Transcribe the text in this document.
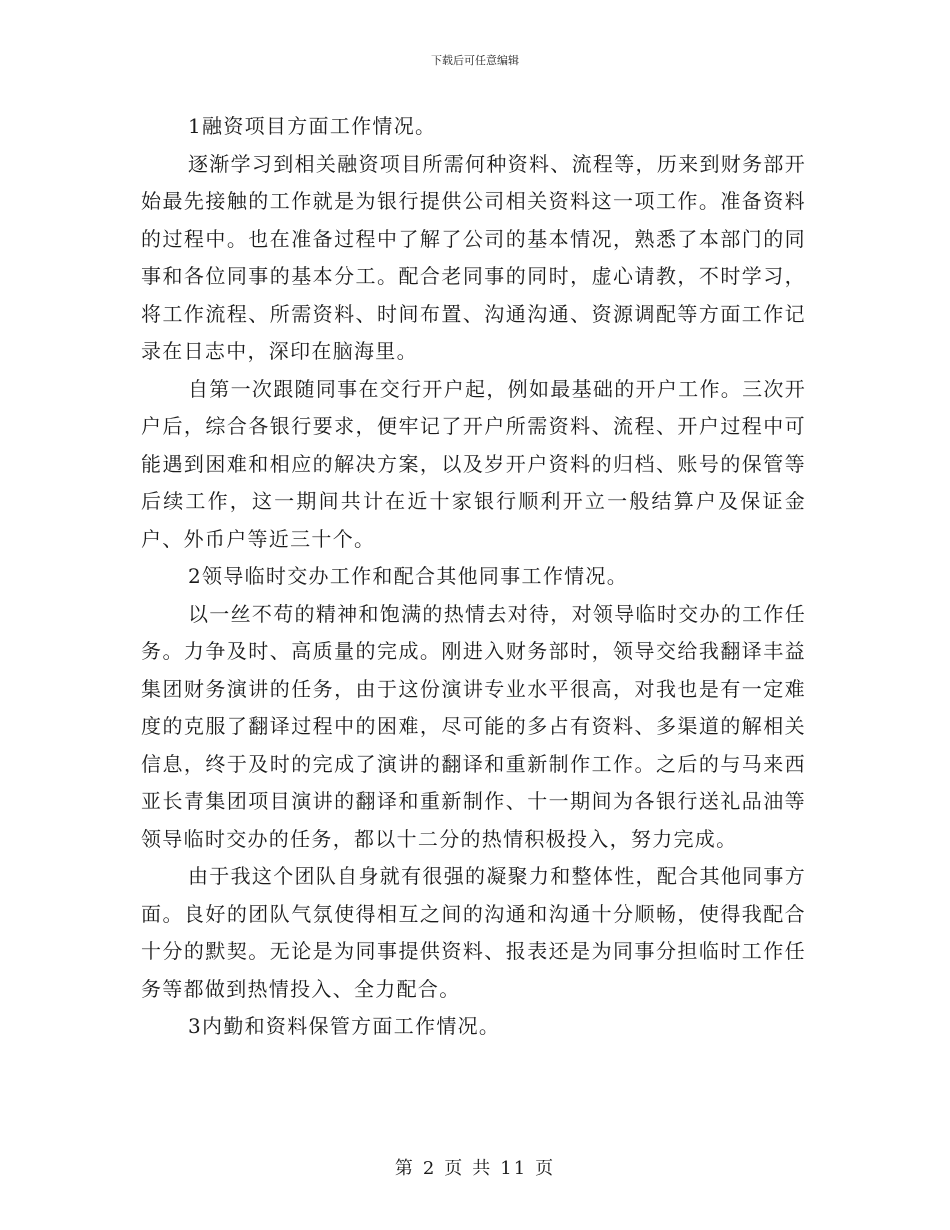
下载后可任意编辑

1融资项目方面工作情况。

逐渐学习到相关融资项目所需何种资料、流程等，历来到财务部开始最先接触的工作就是为银行提供公司相关资料这一项工作。准备资料的过程中。也在准备过程中了解了公司的基本情况，熟悉了本部门的同事和各位同事的基本分工。配合老同事的同时，虚心请教，不时学习，将工作流程、所需资料、时间布置、沟通沟通、资源调配等方面工作记录在日志中，深印在脑海里。

自第一次跟随同事在交行开户起，例如最基础的开户工作。三次开户后，综合各银行要求，便牢记了开户所需资料、流程、开户过程中可能遇到困难和相应的解决方案，以及岁开户资料的归档、账号的保管等后续工作，这一期间共计在近十家银行顺利开立一般结算户及保证金户、外币户等近三十个。

2领导临时交办工作和配合其他同事工作情况。

以一丝不苟的精神和饱满的热情去对待，对领导临时交办的工作任务。力争及时、高质量的完成。刚进入财务部时，领导交给我翻译丰益集团财务演讲的任务，由于这份演讲专业水平很高，对我也是有一定难度的克服了翻译过程中的困难，尽可能的多占有资料、多渠道的解相关信息，终于及时的完成了演讲的翻译和重新制作工作。之后的与马来西亚长青集团项目演讲的翻译和重新制作、十一期间为各银行送礼品油等领导临时交办的任务，都以十二分的热情积极投入，努力完成。

由于我这个团队自身就有很强的凝聚力和整体性，配合其他同事方面。良好的团队气氛使得相互之间的沟通和沟通十分顺畅，使得我配合十分的默契。无论是为同事提供资料、报表还是为同事分担临时工作任务等都做到热情投入、全力配合。

3内勤和资料保管方面工作情况。

第 2 页 共 11 页
